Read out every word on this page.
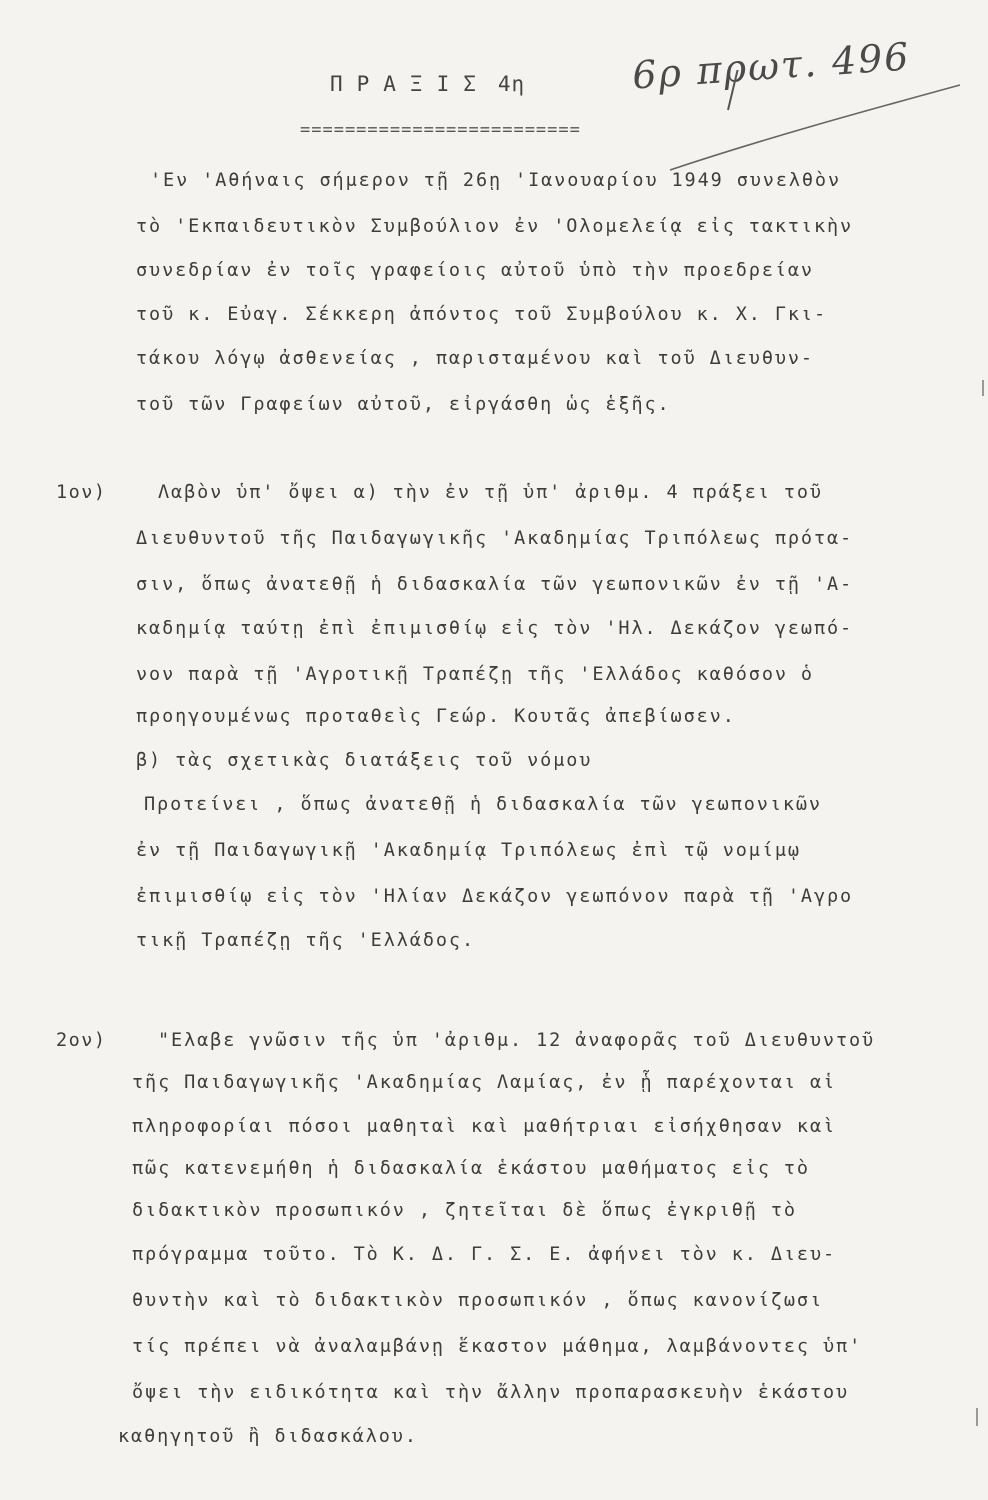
ΠΡΑΞΙΣ 4η
=========================
6ρ πρωτ. 496
'Εν 'Αθήναις σήμερον τῇ 26ῃ 'Ιανουαρίου 1949 συνελθὸν
τὸ 'Εκπαιδευτικὸν Συμβούλιον ἐν 'Ολομελείᾳ εἰς τακτικὴν
συνεδρίαν ἐν τοῖς γραφείοις αὐτοῦ ὑπὸ τὴν προεδρείαν
τοῦ κ. Εὐαγ. Σέκκερη ἀπόντος τοῦ Συμβούλου κ. Χ. Γκι-
τάκου λόγῳ ἀσθενείας , παρισταμένου καὶ τοῦ Διευθυν-
τοῦ τῶν Γραφείων αὐτοῦ, εἰργάσθη ὡς ἑξῆς.
1ον)	Λαβὸν ὑπ' ὄψει α) τὴν ἐν τῇ ὑπ' ἀριθμ. 4 πράξει τοῦ
Διευθυντοῦ τῆς Παιδαγωγικῆς 'Ακαδημίας Τριπόλεως πρότα-
σιν, ὅπως ἀνατεθῇ ἡ διδασκαλία τῶν γεωπονικῶν ἐν τῇ 'Α-
καδημίᾳ ταύτῃ ἐπὶ ἐπιμισθίῳ εἰς τὸν 'Ηλ. Δεκάζον γεωπό-
νον παρὰ τῇ 'Αγροτικῇ Τραπέζῃ τῆς 'Ελλάδος καθόσον ὁ
προηγουμένως προταθεὶς Γεώρ. Κουτᾶς ἀπεβίωσεν.
β) τὰς σχετικὰς διατάξεις τοῦ νόμου
Προτείνει , ὅπως ἀνατεθῇ ἡ διδασκαλία τῶν γεωπονικῶν
ἐν τῇ Παιδαγωγικῇ 'Ακαδημίᾳ Τριπόλεως ἐπὶ τῷ νομίμῳ
ἐπιμισθίῳ εἰς τὸν 'Ηλίαν Δεκάζον γεωπόνον παρὰ τῇ 'Αγρο
τικῇ Τραπέζῃ τῆς 'Ελλάδος.
2ον)	"Ελαβε γνῶσιν τῆς ὑπ 'ἀριθμ. 12 ἀναφορᾶς τοῦ Διευθυντοῦ
τῆς Παιδαγωγικῆς 'Ακαδημίας Λαμίας, ἐν ᾗ παρέχονται αἱ
πληροφορίαι πόσοι μαθηταὶ καὶ μαθήτριαι εἰσήχθησαν καὶ
πῶς κατενεμήθη ἡ διδασκαλία ἑκάστου μαθήματος εἰς τὸ
διδακτικὸν προσωπικόν , ζητεῖται δὲ ὅπως ἐγκριθῇ τὸ
πρόγραμμα τοῦτο. Τὸ Κ. Δ. Γ. Σ. Ε. ἀφήνει τὸν κ. Διευ-
θυντὴν καὶ τὸ διδακτικὸν προσωπικόν , ὅπως κανονίζωσι
τίς πρέπει νὰ ἀναλαμβάνῃ ἕκαστον μάθημα, λαμβάνοντες ὑπ'
ὄψει τὴν ειδικότητα καὶ τὴν ἄλλην προπαρασκευὴν ἑκάστου
καθηγητοῦ ἢ διδασκάλου.
